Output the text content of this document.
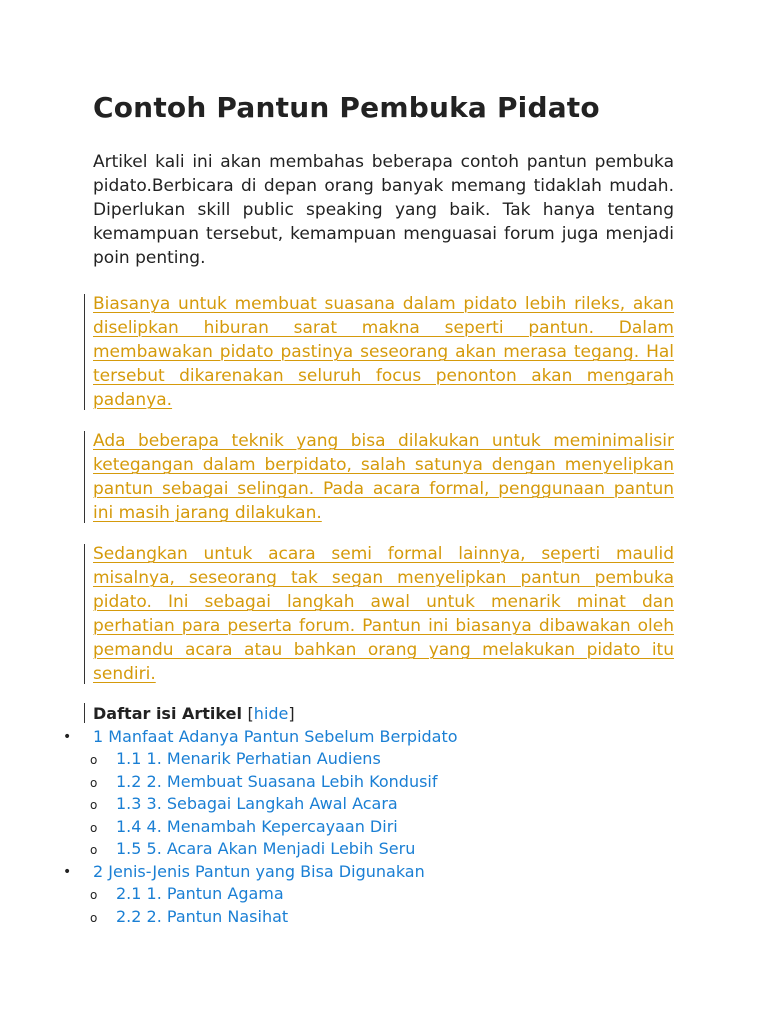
Contoh Pantun Pembuka Pidato

Artikel kali ini akan membahas beberapa contoh pantun pembuka pidato.Berbicara di depan orang banyak memang tidaklah mudah. Diperlukan skill public speaking yang baik. Tak hanya tentang kemampuan tersebut, kemampuan menguasai forum juga menjadi poin penting.

Biasanya untuk membuat suasana dalam pidato lebih rileks, akan diselipkan hiburan sarat makna seperti pantun. Dalam membawakan pidato pastinya seseorang akan merasa tegang. Hal tersebut dikarenakan seluruh focus penonton akan mengarah padanya.

Ada beberapa teknik yang bisa dilakukan untuk meminimalisir ketegangan dalam berpidato, salah satunya dengan menyelipkan pantun sebagai selingan. Pada acara formal, penggunaan pantun ini masih jarang dilakukan.

Sedangkan untuk acara semi formal lainnya, seperti maulid misalnya, seseorang tak segan menyelipkan pantun pembuka pidato. Ini sebagai langkah awal untuk menarik minat dan perhatian para peserta forum. Pantun ini biasanya dibawakan oleh pemandu acara atau bahkan orang yang melakukan pidato itu sendiri.

Daftar isi Artikel [hide]
• 1 Manfaat Adanya Pantun Sebelum Berpidato
o 1.1 1. Menarik Perhatian Audiens
o 1.2 2. Membuat Suasana Lebih Kondusif
o 1.3 3. Sebagai Langkah Awal Acara
o 1.4 4. Menambah Kepercayaan Diri
o 1.5 5. Acara Akan Menjadi Lebih Seru
• 2 Jenis-Jenis Pantun yang Bisa Digunakan
o 2.1 1. Pantun Agama
o 2.2 2. Pantun Nasihat
